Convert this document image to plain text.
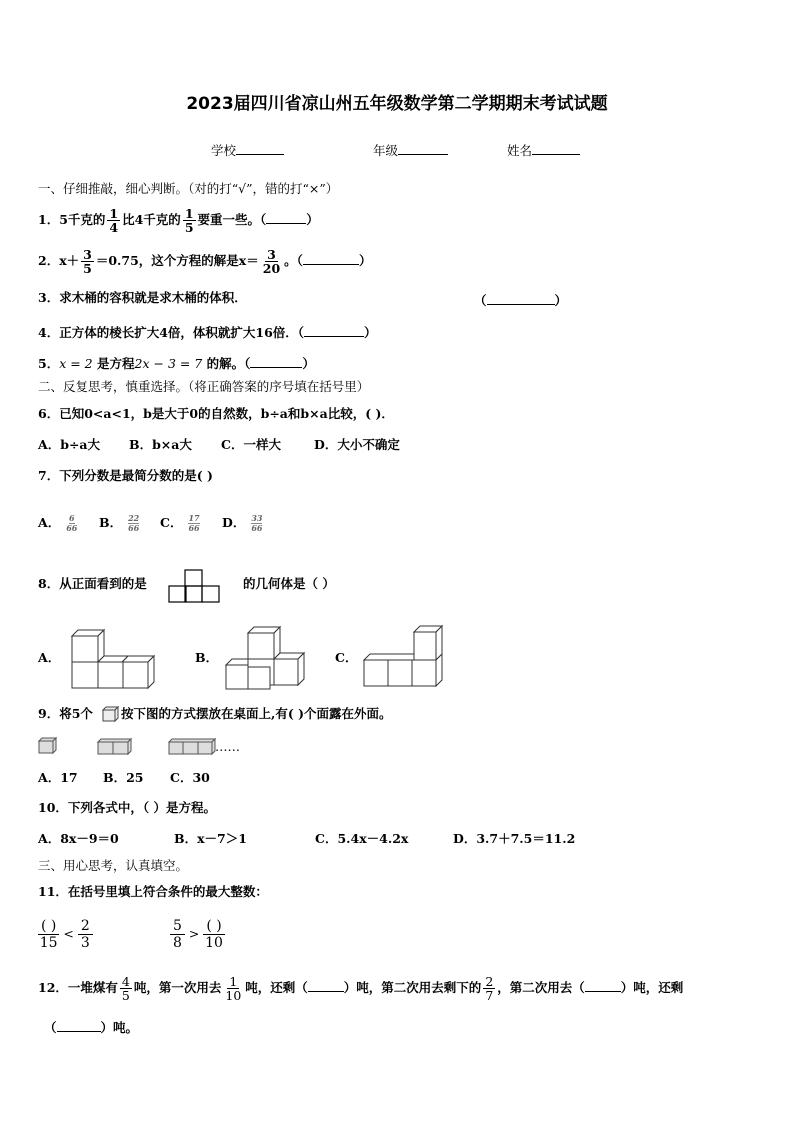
2023届四川省凉山州五年级数学第二学期期末考试试题
学校	年级	姓名
一、仔细推敲，细心判断。（对的打“√”，错的打“×”）
1．5千克的 $\frac{1}{4}$ 比4千克的 $\frac{1}{5}$ 要重一些。（	）
2．$x+ \frac{3}{5} =0.75$，这个方程的解是$x= \frac{3}{20}$ 。（	）
3．求木桶的容积就是求木桶的体积．	（	）
4．正方体的棱长扩大4倍，体积就扩大16倍．（	）
5．x = 2 是方程2x − 3 = 7 的解。（	）
二、反复思考，慎重选择。（将正确答案的序号填在括号里）
6．已知0<a<1，b是大于0的自然数，b÷a和b×a比较，( )．
A．b÷a大 B．b×a大 C．一样大	D．大小不确定
7．下列分数是最简分数的是( )
A． $\frac{6}{66}$ B． $\frac{22}{66}$ C． $\frac{17}{66}$ D． $\frac{33}{66}$
8．从正面看到的是	的几何体是（ ）
A．	B．	C．
9．将5个 按下图的方式摆放在桌面上,有( )个面露在外面。
……
A．17 B．25 C．30
10．下列各式中，（ ）是方程。
A．8x－9＝0	B．x－7＞1	C．5.4x－4.2x	D．3.7＋7.5＝11.2
三、用心思考，认真填空。
11．在括号里填上符合条件的最大整数：
$\frac{( )}{15} < \frac{2}{3}$	$\frac{5}{8} > \frac{( )}{10}$
12．一堆煤有 $\frac{4}{5}$ 吨，第一次用去 $\frac{1}{10}$ 吨，还剩（	）吨，第二次用去剩下的 $\frac{2}{7}$ ，第二次用去（	）吨，还剩
（	）吨。
